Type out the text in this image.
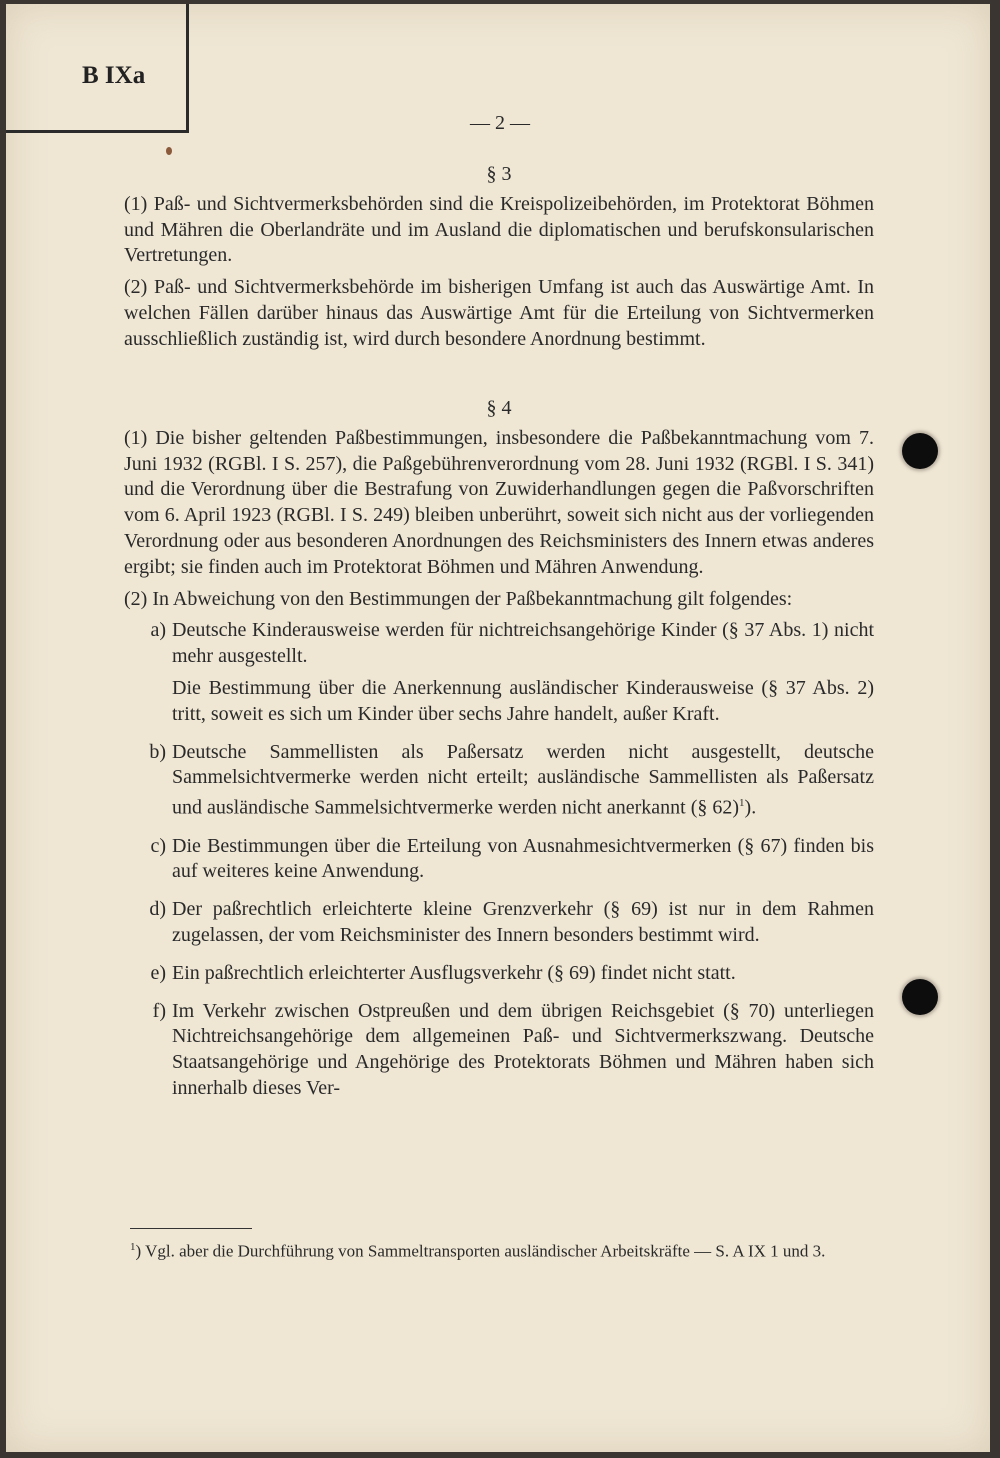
B IXa
— 2 —
§ 3

(1) Paß- und Sichtvermerksbehörden sind die Kreispolizeibehörden, im Protektorat Böhmen und Mähren die Oberlandräte und im Ausland die diplomatischen und berufskonsularischen Vertretungen.

(2) Paß- und Sichtvermerksbehörde im bisherigen Umfang ist auch das Auswärtige Amt. In welchen Fällen darüber hinaus das Auswärtige Amt für die Erteilung von Sichtvermerken ausschließlich zuständig ist, wird durch besondere Anordnung bestimmt.

§ 4

(1) Die bisher geltenden Paßbestimmungen, insbesondere die Paßbekanntmachung vom 7. Juni 1932 (RGBl. I S. 257), die Paßgebührenverordnung vom 28. Juni 1932 (RGBl. I S. 341) und die Verordnung über die Bestrafung von Zuwiderhandlungen gegen die Paßvorschriften vom 6. April 1923 (RGBl. I S. 249) bleiben unberührt, soweit sich nicht aus der vorliegenden Verordnung oder aus besonderen Anordnungen des Reichsministers des Innern etwas anderes ergibt; sie finden auch im Protektorat Böhmen und Mähren Anwendung.

(2) In Abweichung von den Bestimmungen der Paßbekanntmachung gilt folgendes:

a) Deutsche Kinderausweise werden für nichtreichsangehörige Kinder (§ 37 Abs. 1) nicht mehr ausgestellt.

Die Bestimmung über die Anerkennung ausländischer Kinderausweise (§ 37 Abs. 2) tritt, soweit es sich um Kinder über sechs Jahre handelt, außer Kraft.

b) Deutsche Sammellisten als Paßersatz werden nicht ausgestellt, deutsche Sammelsichtvermerke werden nicht erteilt; ausländische Sammellisten als Paßersatz und ausländische Sammelsichtvermerke werden nicht anerkannt (§ 62)$^1$).

c) Die Bestimmungen über die Erteilung von Ausnahmesichtvermerken (§ 67) finden bis auf weiteres keine Anwendung.

d) Der paßrechtlich erleichterte kleine Grenzverkehr (§ 69) ist nur in dem Rahmen zugelassen, der vom Reichsminister des Innern besonders bestimmt wird.

e) Ein paßrechtlich erleichterter Ausflugsverkehr (§ 69) findet nicht statt.

f) Im Verkehr zwischen Ostpreußen und dem übrigen Reichsgebiet (§ 70) unterliegen Nichtreichsangehörige dem allgemeinen Paß- und Sichtvermerkszwang. Deutsche Staatsangehörige und Angehörige des Protektorats Böhmen und Mähren haben sich innerhalb dieses Ver-

$^1$) Vgl. aber die Durchführung von Sammeltransporten ausländischer Arbeitskräfte — S. A IX 1 und 3.
